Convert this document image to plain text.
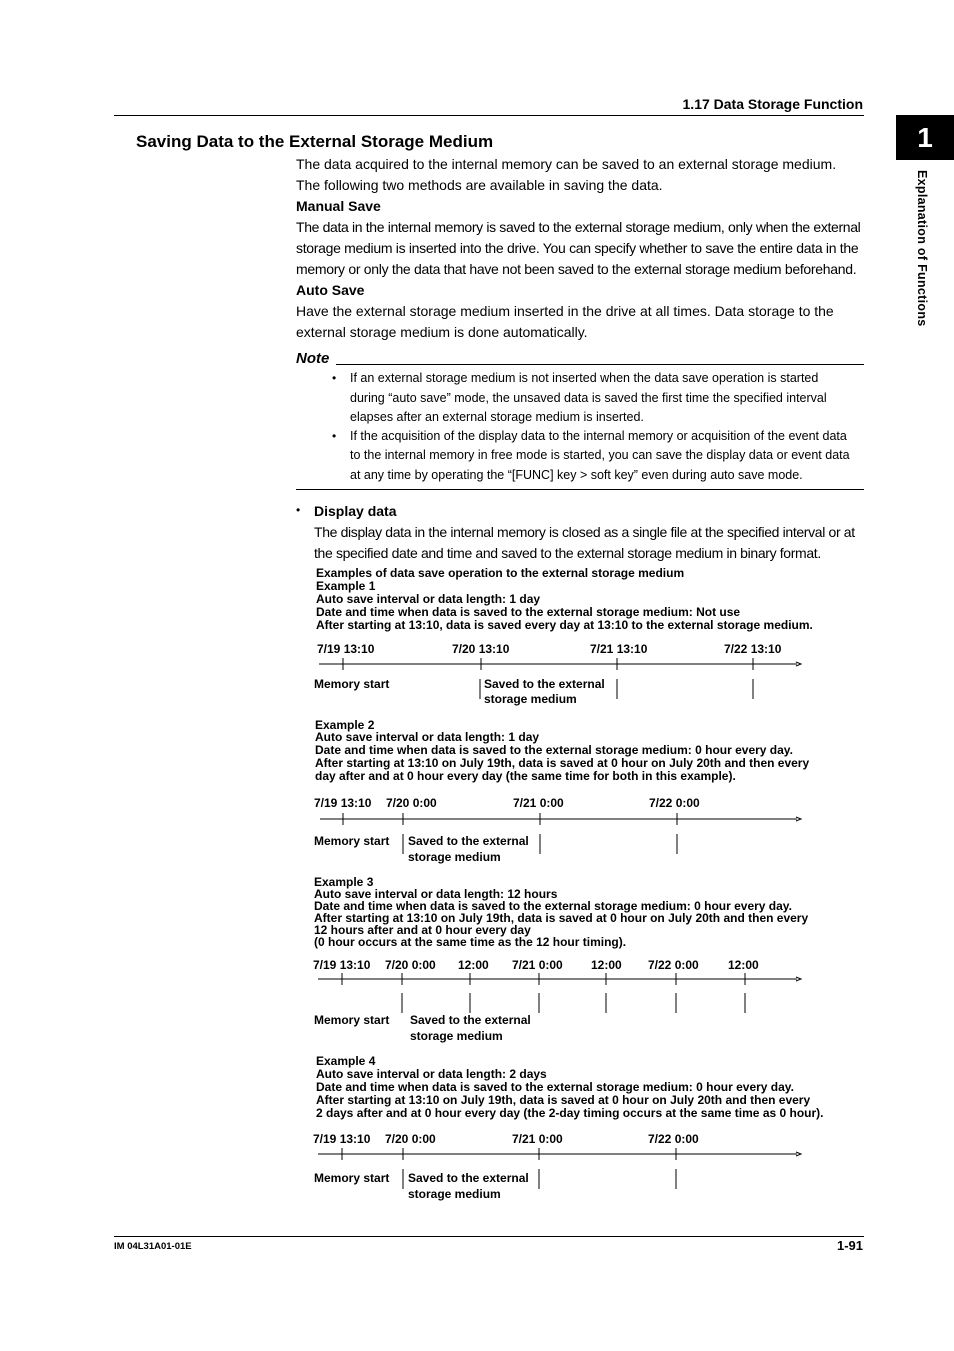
1.17 Data Storage Function
1
Explanation of Functions
Saving Data to the External Storage Medium
The data acquired to the internal memory can be saved to an external storage medium.
The following two methods are available in saving the data.
Manual Save
The data in the internal memory is saved to the external storage medium, only when the external
storage medium is inserted into the drive. You can specify whether to save the entire data in the
memory or only the data that have not been saved to the external storage medium beforehand.
Auto Save
Have the external storage medium inserted in the drive at all times. Data storage to the
external storage medium is done automatically.
Note
• If an external storage medium is not inserted when the data save operation is started
during “auto save” mode, the unsaved data is saved the first time the specified interval
elapses after an external storage medium is inserted.
• If the acquisition of the display data to the internal memory or acquisition of the event data
to the internal memory in free mode is started, you can save the display data or event data
at any time by operating the “[FUNC] key > soft key” even during auto save mode.
• Display data
The display data in the internal memory is closed as a single file at the specified interval or at
the specified date and time and saved to the external storage medium in binary format.
Examples of data save operation to the external storage medium
Example 1
Auto save interval or data length: 1 day
Date and time when data is saved to the external storage medium: Not use
After starting at 13:10, data is saved every day at 13:10 to the external storage medium.
7/19 13:10	7/20 13:10	7/21 13:10	7/22 13:10
Memory start	Saved to the external
storage medium
Example 2
Auto save interval or data length: 1 day
Date and time when data is saved to the external storage medium: 0 hour every day.
After starting at 13:10 on July 19th, data is saved at 0 hour on July 20th and then every
day after and at 0 hour every day (the same time for both in this example).
7/19 13:10 7/20 0:00	7/21 0:00	7/22 0:00
Memory start Saved to the external
storage medium
Example 3
Auto save interval or data length: 12 hours
Date and time when data is saved to the external storage medium: 0 hour every day.
After starting at 13:10 on July 19th, data is saved at 0 hour on July 20th and then every
12 hours after and at 0 hour every day
(0 hour occurs at the same time as the 12 hour timing).
7/19 13:10 7/20 0:00 12:00 7/21 0:00 12:00 7/22 0:00 12:00
Memory start Saved to the external
storage medium
Example 4
Auto save interval or data length: 2 days
Date and time when data is saved to the external storage medium: 0 hour every day.
After starting at 13:10 on July 19th, data is saved at 0 hour on July 20th and then every
2 days after and at 0 hour every day (the 2-day timing occurs at the same time as 0 hour).
7/19 13:10 7/20 0:00	7/21 0:00	7/22 0:00
Memory start Saved to the external
storage medium
IM 04L31A01-01E	1-91
